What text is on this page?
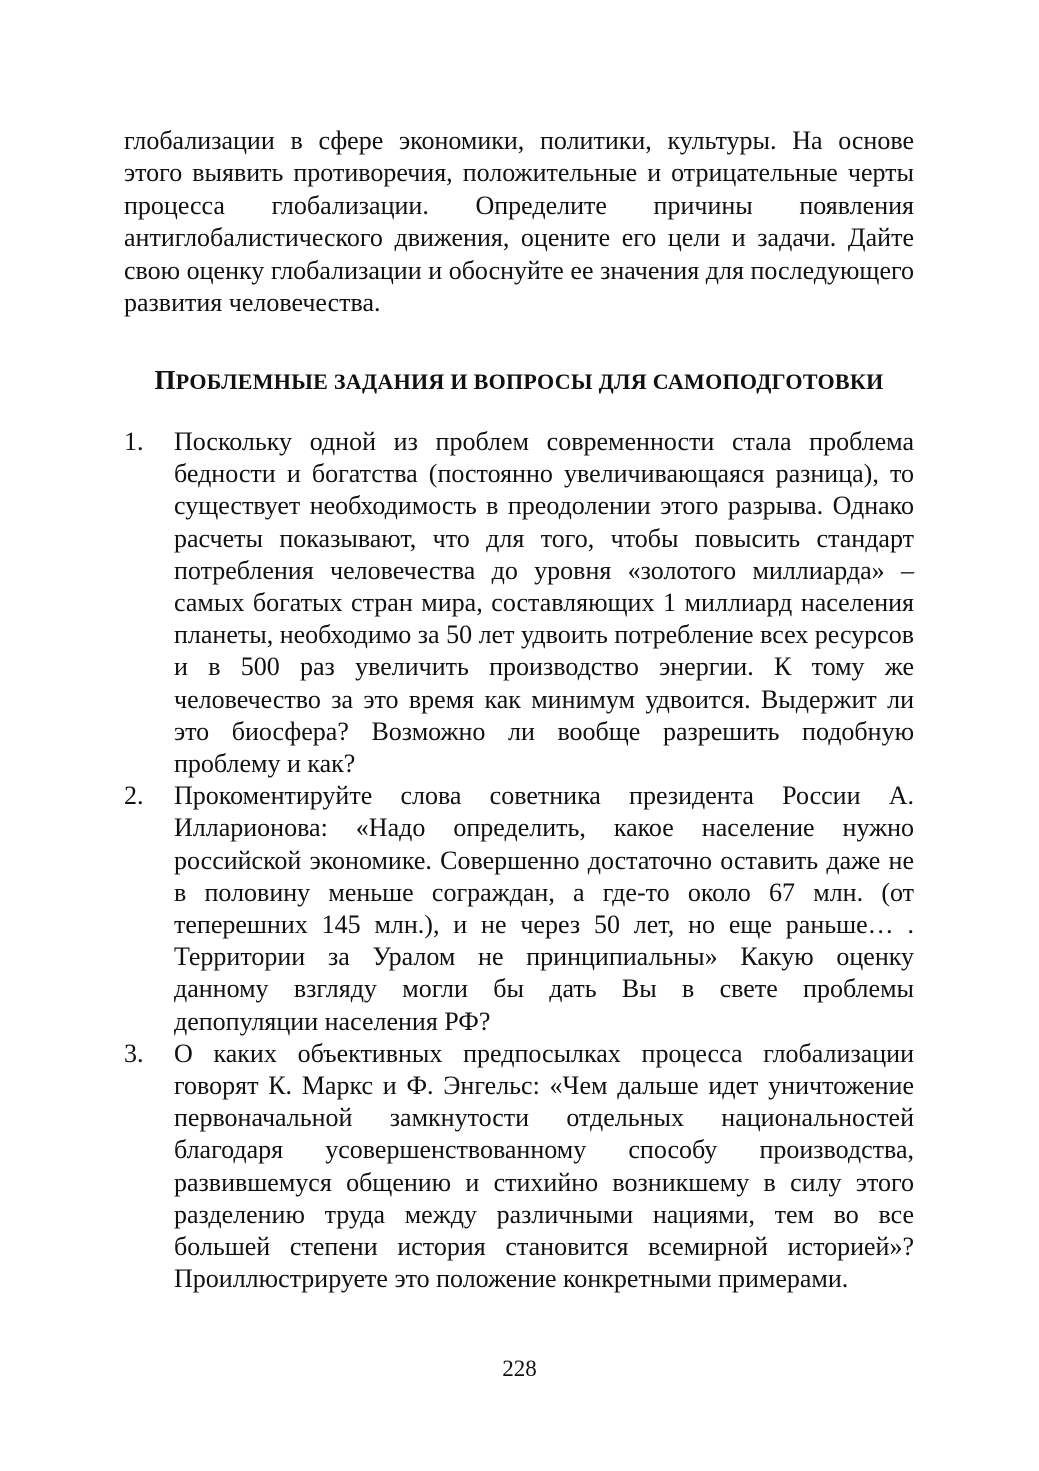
глобализации в сфере экономики, политики, культуры. На основе этого выявить противоречия, положительные и отрицательные черты процесса глобализации. Определите причины появления антиглобалистического движения, оцените его цели и задачи. Дайте свою оценку глобализации и обоснуйте ее значения для последующего развития человечества.

ПРОБЛЕМНЫЕ ЗАДАНИЯ И ВОПРОСЫ ДЛЯ САМОПОДГОТОВКИ
1.	Поскольку одной из проблем современности стала проблема бедности и богатства (постоянно увеличивающаяся разница), то существует необходимость в преодолении этого разрыва. Однако расчеты показывают, что для того, чтобы повысить стандарт потребления человечества до уровня «золотого миллиарда» – самых богатых стран мира, составляющих 1 миллиард населения планеты, необходимо за 50 лет удвоить потребление всех ресурсов и в 500 раз увеличить производство энергии. К тому же человечество за это время как минимум удвоится. Выдержит ли это биосфера? Возможно ли вообще разрешить подобную проблему и как?
2.	Прокоментируйте слова советника президента России А. Илларионова: «Надо определить, какое население нужно российской экономике. Совершенно достаточно оставить даже не в половину меньше сограждан, а где-то около 67 млн. (от теперешних 145 млн.), и не через 50 лет, но еще раньше… . Территории за Уралом не принципиальны» Какую оценку данному взгляду могли бы дать Вы в свете проблемы депопуляции населения РФ?
3.	О каких объективных предпосылках процесса глобализации говорят К. Маркс и Ф. Энгельс: «Чем дальше идет уничтожение первоначальной замкнутости отдельных национальностей благодаря усовершенствованному способу производства, развившемуся общению и стихийно возникшему в силу этого разделению труда между различными нациями, тем во все большей степени история становится всемирной историей»? Проиллюстрируете это положение конкретными примерами.
228
